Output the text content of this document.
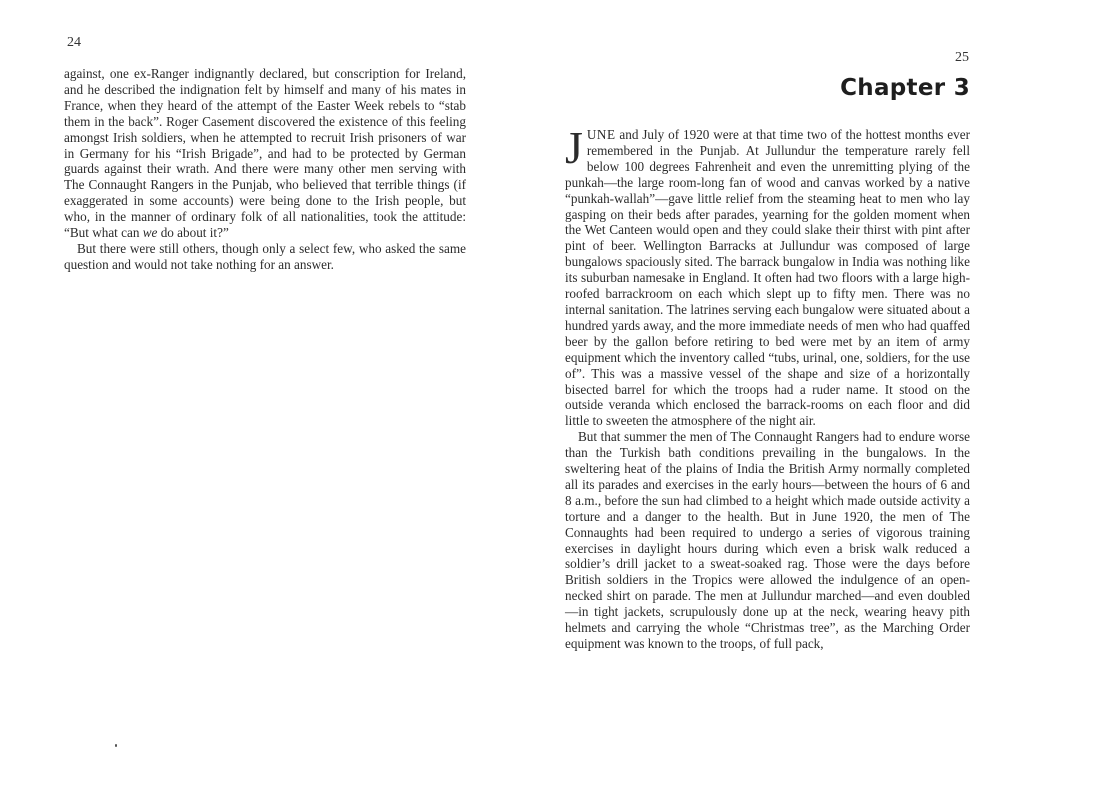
24

against, one ex-Ranger indignantly declared, but conscription for Ireland, and he described the indignation felt by himself and many of his mates in France, when they heard of the attempt of the Easter Week rebels to “stab them in the back”. Roger Casement discovered the existence of this feeling amongst Irish soldiers, when he attempted to recruit Irish prisoners of war in Germany for his “Irish Brigade”, and had to be protected by German guards against their wrath. And there were many other men serving with The Connaught Rangers in the Punjab, who believed that terrible things (if exaggerated in some accounts) were being done to the Irish people, but who, in the manner of ordinary folk of all nationalities, took the attitude: “But what can we do about it?”

But there were still others, though only a select few, who asked the same question and would not take nothing for an answer.

25
Chapter 3

JUNE and July of 1920 were at that time two of the hottest months ever remembered in the Punjab. At Jullundur the temperature rarely fell below 100 degrees Fahrenheit and even the unremitting plying of the punkah—the large room-long fan of wood and canvas worked by a native “punkah-wallah”—gave little relief from the steaming heat to men who lay gasping on their beds after parades, yearning for the golden moment when the Wet Canteen would open and they could slake their thirst with pint after pint of beer. Wellington Barracks at Jullundur was composed of large bungalows spaciously sited. The barrack bungalow in India was nothing like its suburban namesake in England. It often had two floors with a large high-roofed barrackroom on each which slept up to fifty men. There was no internal sanitation. The latrines serving each bungalow were situated about a hundred yards away, and the more immediate needs of men who had quaffed beer by the gallon before retiring to bed were met by an item of army equipment which the inventory called “tubs, urinal, one, soldiers, for the use of”. This was a massive vessel of the shape and size of a horizontally bisected barrel for which the troops had a ruder name. It stood on the outside veranda which enclosed the barrack-rooms on each floor and did little to sweeten the atmosphere of the night air.

But that summer the men of The Connaught Rangers had to endure worse than the Turkish bath conditions prevailing in the bungalows. In the sweltering heat of the plains of India the British Army normally completed all its parades and exercises in the early hours—between the hours of 6 and 8 a.m., before the sun had climbed to a height which made outside activity a torture and a danger to the health. But in June 1920, the men of The Connaughts had been required to undergo a series of vigorous training exercises in daylight hours during which even a brisk walk reduced a soldier’s drill jacket to a sweat-soaked rag. Those were the days before British soldiers in the Tropics were allowed the indulgence of an open-necked shirt on parade. The men at Jullundur marched—and even doubled—in tight jackets, scrupulously done up at the neck, wearing heavy pith helmets and carrying the whole “Christmas tree”, as the Marching Order equipment was known to the troops, of full pack,
